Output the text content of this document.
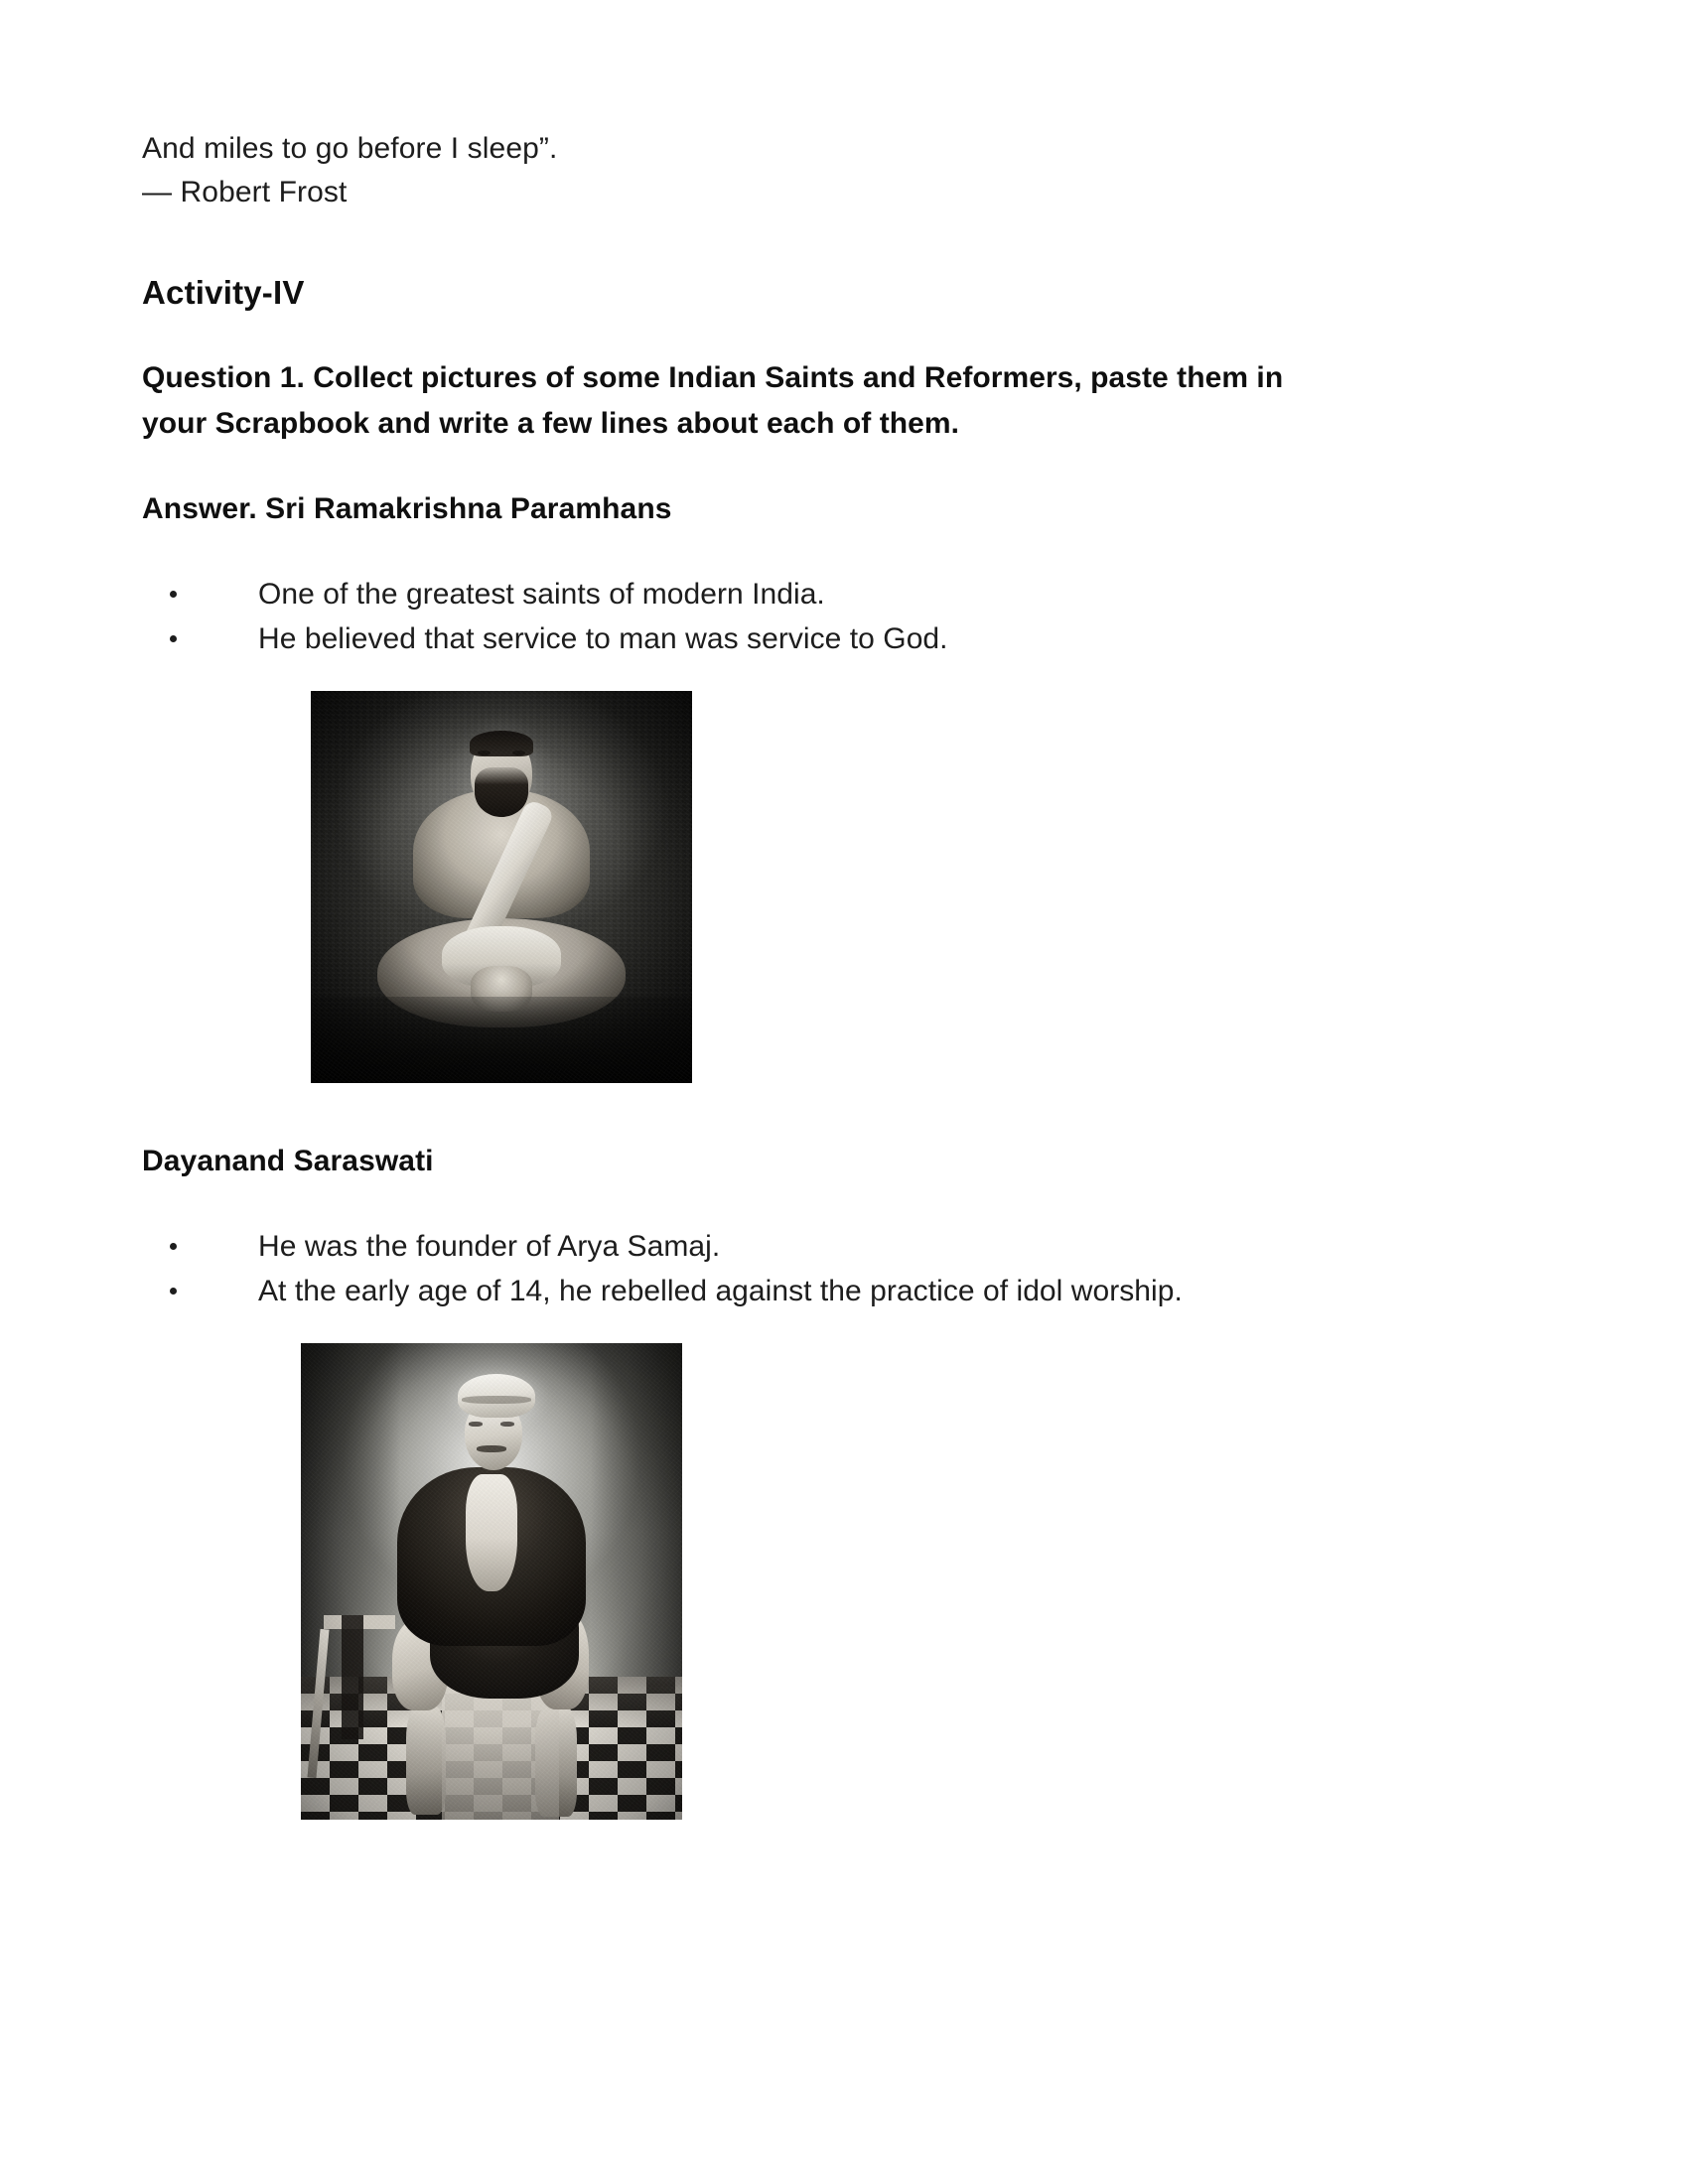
And miles to go before I sleep”.
— Robert Frost
Activity-IV
Question 1. Collect pictures of some Indian Saints and Reformers, paste them in your Scrapbook and write a few lines about each of them.
Answer. Sri Ramakrishna Paramhans
One of the greatest saints of modern India.
He believed that service to man was service to God.
Dayanand Saraswati
He was the founder of Arya Samaj.
At the early age of 14, he rebelled against the practice of idol worship.
